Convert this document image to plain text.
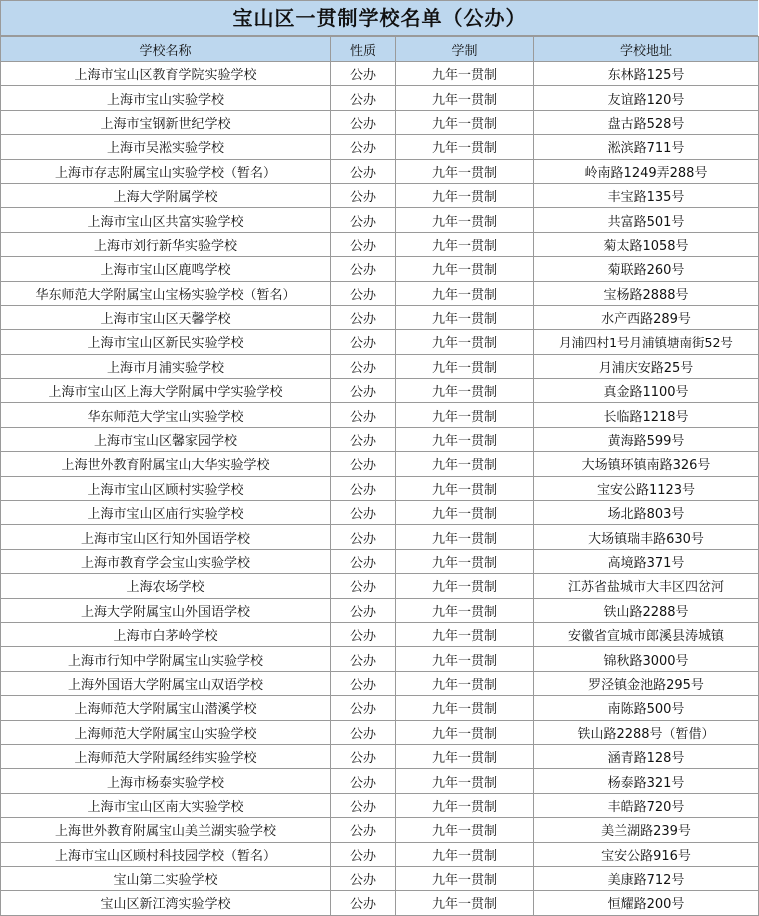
宝山区一贯制学校名单（公办）
学校名称	性质	学制	学校地址
上海市宝山区教育学院实验学校	公办	九年一贯制	东林路125号
上海市宝山实验学校	公办	九年一贯制	友谊路120号
上海市宝钢新世纪学校	公办	九年一贯制	盘古路528号
上海市吴淞实验学校	公办	九年一贯制	淞滨路711号
上海市存志附属宝山实验学校（暂名）	公办	九年一贯制	岭南路1249弄288号
上海大学附属学校	公办	九年一贯制	丰宝路135号
上海市宝山区共富实验学校	公办	九年一贯制	共富路501号
上海市刘行新华实验学校	公办	九年一贯制	菊太路1058号
上海市宝山区鹿鸣学校	公办	九年一贯制	菊联路260号
华东师范大学附属宝山宝杨实验学校（暂名）	公办	九年一贯制	宝杨路2888号
上海市宝山区天馨学校	公办	九年一贯制	水产西路289号
上海市宝山区新民实验学校	公办	九年一贯制	月浦四村1号月浦镇塘南街52号
上海市月浦实验学校	公办	九年一贯制	月浦庆安路25号
上海市宝山区上海大学附属中学实验学校	公办	九年一贯制	真金路1100号
华东师范大学宝山实验学校	公办	九年一贯制	长临路1218号
上海市宝山区馨家园学校	公办	九年一贯制	黄海路599号
上海世外教育附属宝山大华实验学校	公办	九年一贯制	大场镇环镇南路326号
上海市宝山区顾村实验学校	公办	九年一贯制	宝安公路1123号
上海市宝山区庙行实验学校	公办	九年一贯制	场北路803号
上海市宝山区行知外国语学校	公办	九年一贯制	大场镇瑞丰路630号
上海市教育学会宝山实验学校	公办	九年一贯制	高境路371号
上海农场学校	公办	九年一贯制	江苏省盐城市大丰区四岔河
上海大学附属宝山外国语学校	公办	九年一贯制	铁山路2288号
上海市白茅岭学校	公办	九年一贯制	安徽省宣城市郎溪县涛城镇
上海市行知中学附属宝山实验学校	公办	九年一贯制	锦秋路3000号
上海外国语大学附属宝山双语学校	公办	九年一贯制	罗泾镇金池路295号
上海师范大学附属宝山潜溪学校	公办	九年一贯制	南陈路500号
上海师范大学附属宝山实验学校	公办	九年一贯制	铁山路2288号（暂借）
上海师范大学附属经纬实验学校	公办	九年一贯制	涵青路128号
上海市杨泰实验学校	公办	九年一贯制	杨泰路321号
上海市宝山区南大实验学校	公办	九年一贯制	丰皓路720号
上海世外教育附属宝山美兰湖实验学校	公办	九年一贯制	美兰湖路239号
上海市宝山区顾村科技园学校（暂名）	公办	九年一贯制	宝安公路916号
宝山第二实验学校	公办	九年一贯制	美康路712号
宝山区新江湾实验学校	公办	九年一贯制	恒耀路200号
​
